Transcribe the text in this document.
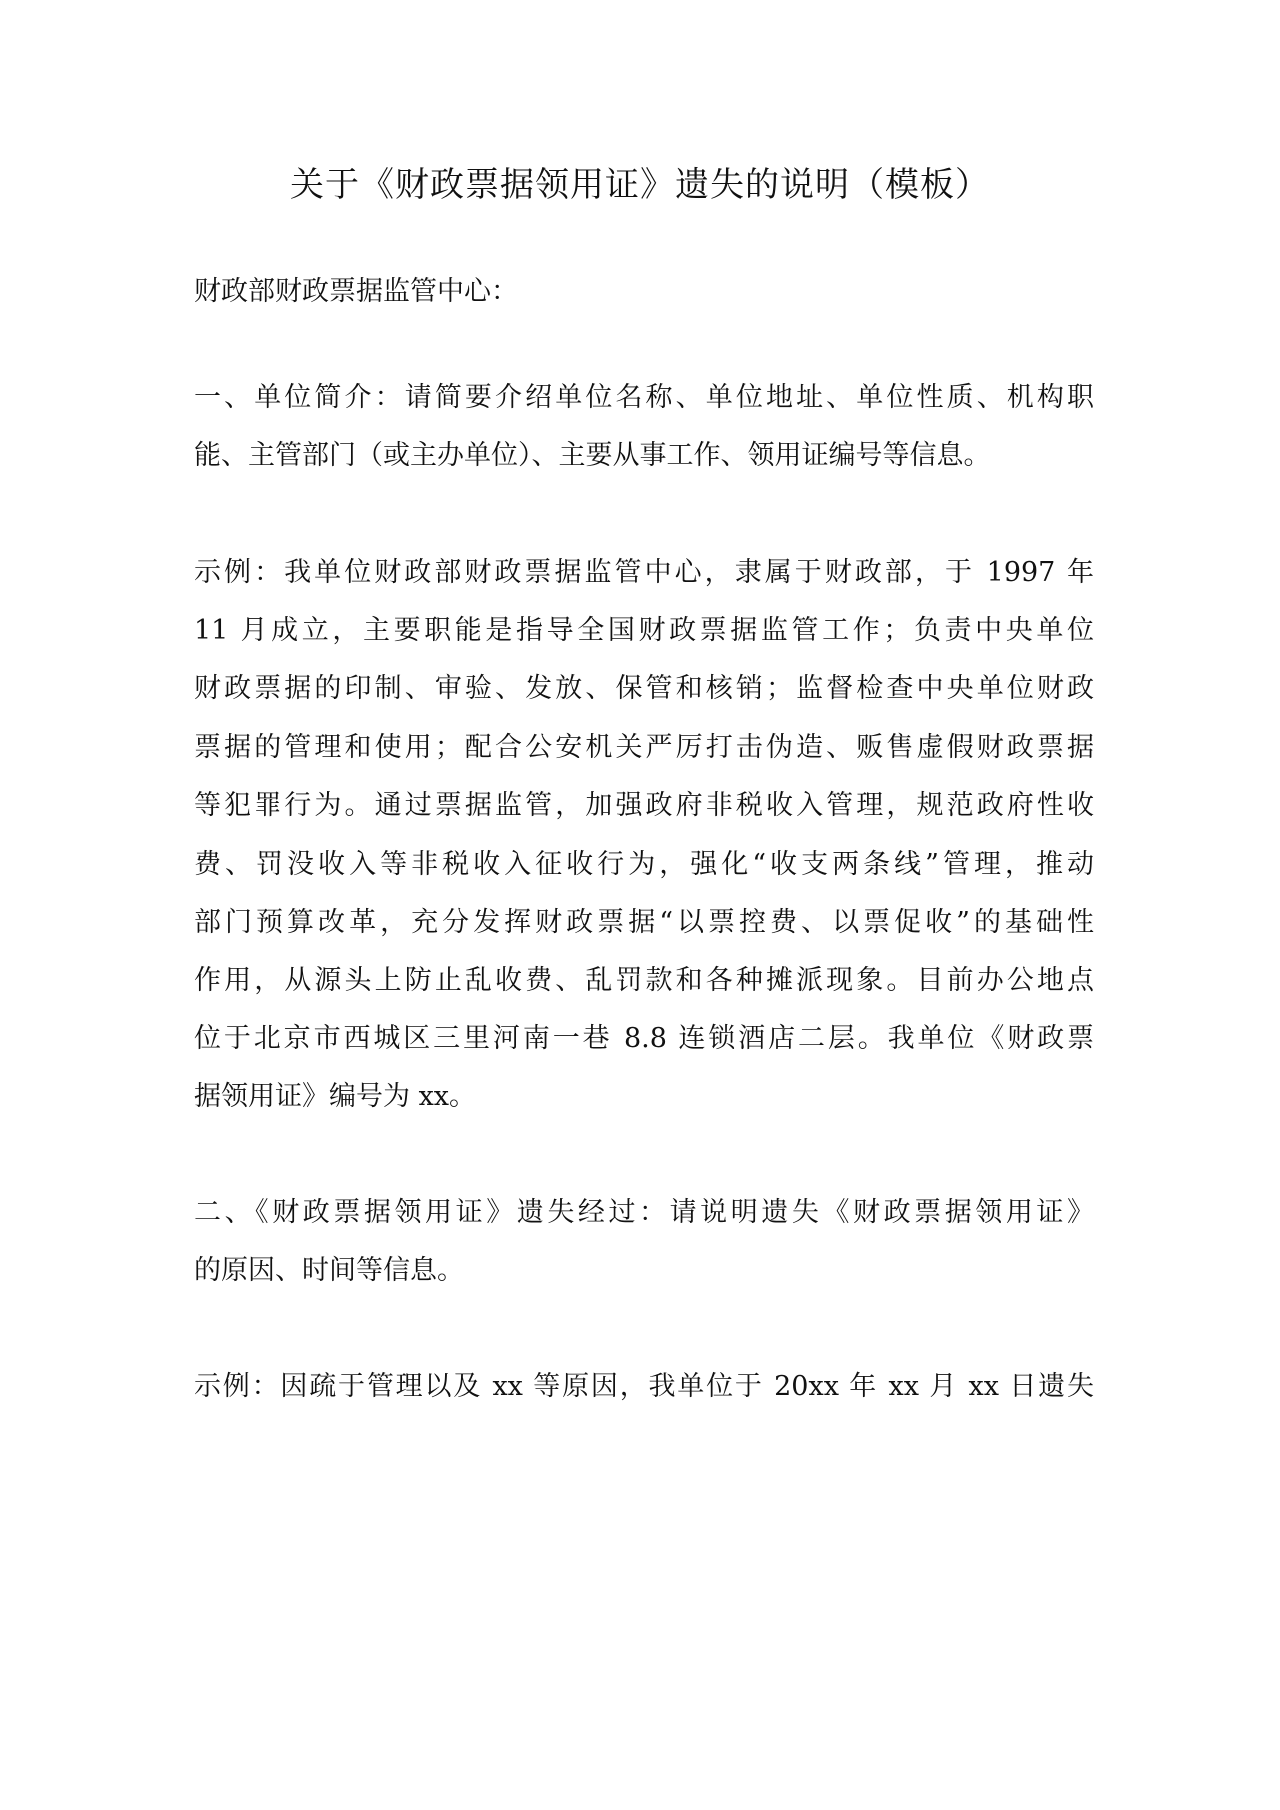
关于《财政票据领用证》遗失的说明（模板）
财政部财政票据监管中心：
一、单位简介：请简要介绍单位名称、单位地址、单位性质、机构职
能、主管部门（或主办单位）、主要从事工作、领用证编号等信息。
示例：我单位财政部财政票据监管中心，隶属于财政部，于 1997 年
11 月成立，主要职能是指导全国财政票据监管工作；负责中央单位
财政票据的印制、审验、发放、保管和核销；监督检查中央单位财政
票据的管理和使用；配合公安机关严厉打击伪造、贩售虚假财政票据
等犯罪行为。通过票据监管，加强政府非税收入管理，规范政府性收
费、罚没收入等非税收入征收行为，强化“收支两条线”管理，推动
部门预算改革，充分发挥财政票据“以票控费、以票促收”的基础性
作用，从源头上防止乱收费、乱罚款和各种摊派现象。目前办公地点
位于北京市西城区三里河南一巷 8.8 连锁酒店二层。我单位《财政票
据领用证》编号为 xx。
二、《财政票据领用证》遗失经过：请说明遗失《财政票据领用证》
的原因、时间等信息。
示例：因疏于管理以及 xx 等原因，我单位于 20xx 年 xx 月 xx 日遗失
